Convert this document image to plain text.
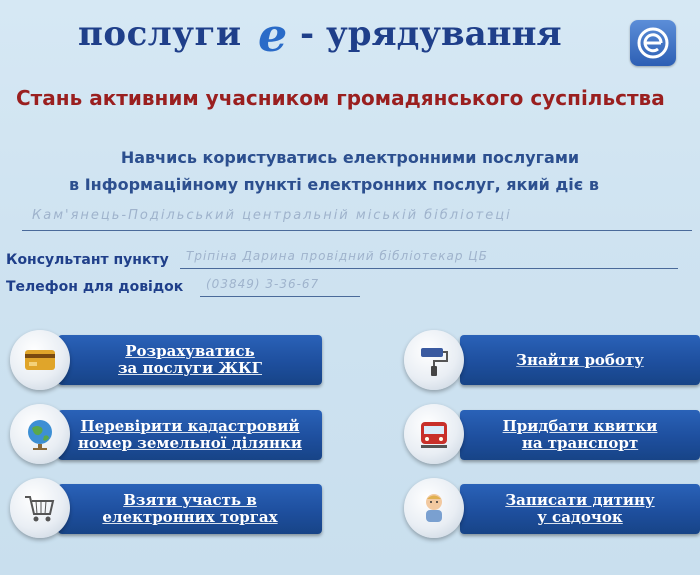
послуги e - урядування
Стань активним учасником громадянського суспільства
Навчись користуватись електронними послугами
в Інформаційному пункті електронних послуг, який діє в
Кам'янець-Подільський центральній міській бібліотеці
Консультант пункту Тріпіна Дарина провідний бібліотекар ЦБ
Телефон для довідок (03849) 3-36-67
Розрахуватись
за послуги ЖКГ	Знайти роботу
Перевірити кадастровий
номер земельної ділянки
Придбати квитки
на транспорт
Взяти участь в
електронних торгах
Записати дитину
у садочок
